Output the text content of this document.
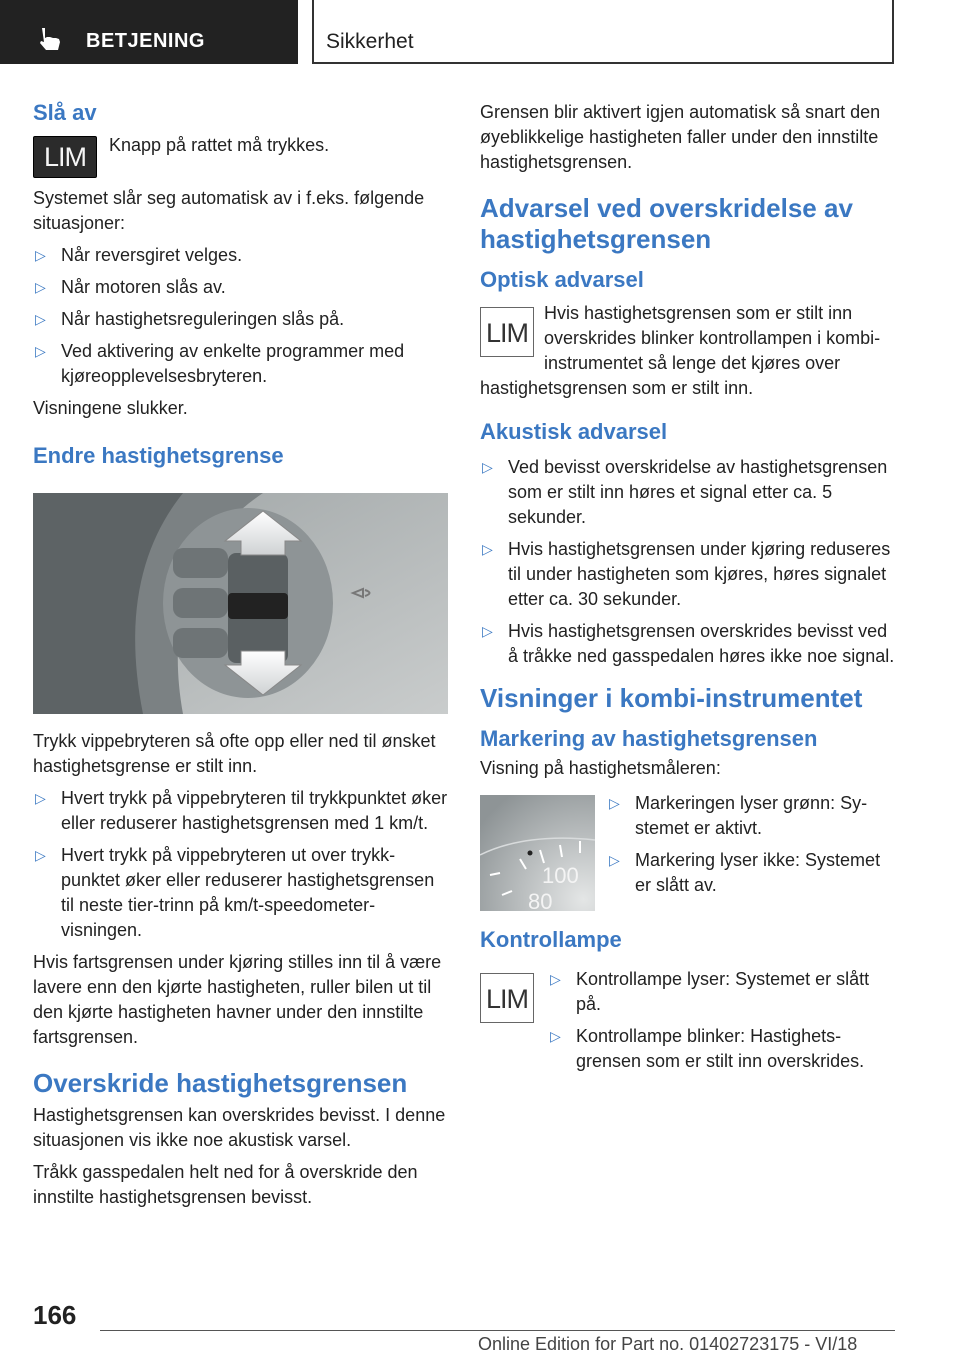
BETJENING	Sikkerhet
Slå av
LIM	Knapp på rattet må trykkes.

Systemet slår seg automatisk av i f.eks. følgende situasjoner:

▷ Når reversgiret velges.
▷ Når motoren slås av.
▷ Når hastighetsreguleringen slås på.
▷ Ved aktivering av enkelte programmer med kjøreopplevelsesbryteren.

Visningene slukker.

Endre hastighetsgrense

Trykk vippebryteren så ofte opp eller ned til ønsket hastighetsgrense er stilt inn.

▷ Hvert trykk på vippebryteren til trykkpunktet øker eller reduserer hastighetsgrensen med 1 km/t.
▷ Hvert trykk på vippebryteren ut over trykkpunktet øker eller reduserer hastighetsgrensen til neste tier-trinn på km/t-speedometervisningen.

Hvis fartsgrensen under kjøring stilles inn til å være lavere enn den kjørte hastigheten, ruller bilen ut til den kjørte hastigheten havner under den innstilte fartsgrensen.

Overskride hastighetsgrensen

Hastighetsgrensen kan overskrides bevisst. I denne situasjonen vis ikke noe akustisk varsel.

Tråkk gasspedalen helt ned for å overskride den innstilte hastighetsgrensen bevisst.

Grensen blir aktivert igjen automatisk så snart den øyeblikkelige hastigheten faller under den innstilte hastighetsgrensen.

Advarsel ved overskridelse av hastighetsgrensen
Optisk advarsel
LIM

Hvis hastighetsgrensen som er stilt inn overskrides blinker kontrollampen i kombi-instrumentet så lenge det kjøres over hastighetsgrensen som er stilt inn.

Akustisk advarsel
▷ Ved bevisst overskridelse av hastighetsgrensen som er stilt inn høres et signal etter ca. 5 sekunder.
▷ Hvis hastighetsgrensen under kjøring reduseres til under hastigheten som kjøres, høres signalet etter ca. 30 sekunder.
▷ Hvis hastighetsgrensen overskrides bevisst ved å tråkke ned gasspedalen høres ikke noe signal.
Visninger i kombi-instrumentet
Markering av hastighetsgrensen

Visning på hastighetsmåleren:

100
80
▷ Markeringen lyser grønn: Systemet er aktivt.
▷ Markering lyser ikke: Systemet er slått av.
Kontrollampe
LIM
▷ Kontrollampe lyser: Systemet er slått på.
▷ Kontrollampe blinker: Hastighetsgrensen som er stilt inn overskrides.
166
Online Edition for Part no. 01402723175 - VI/18
